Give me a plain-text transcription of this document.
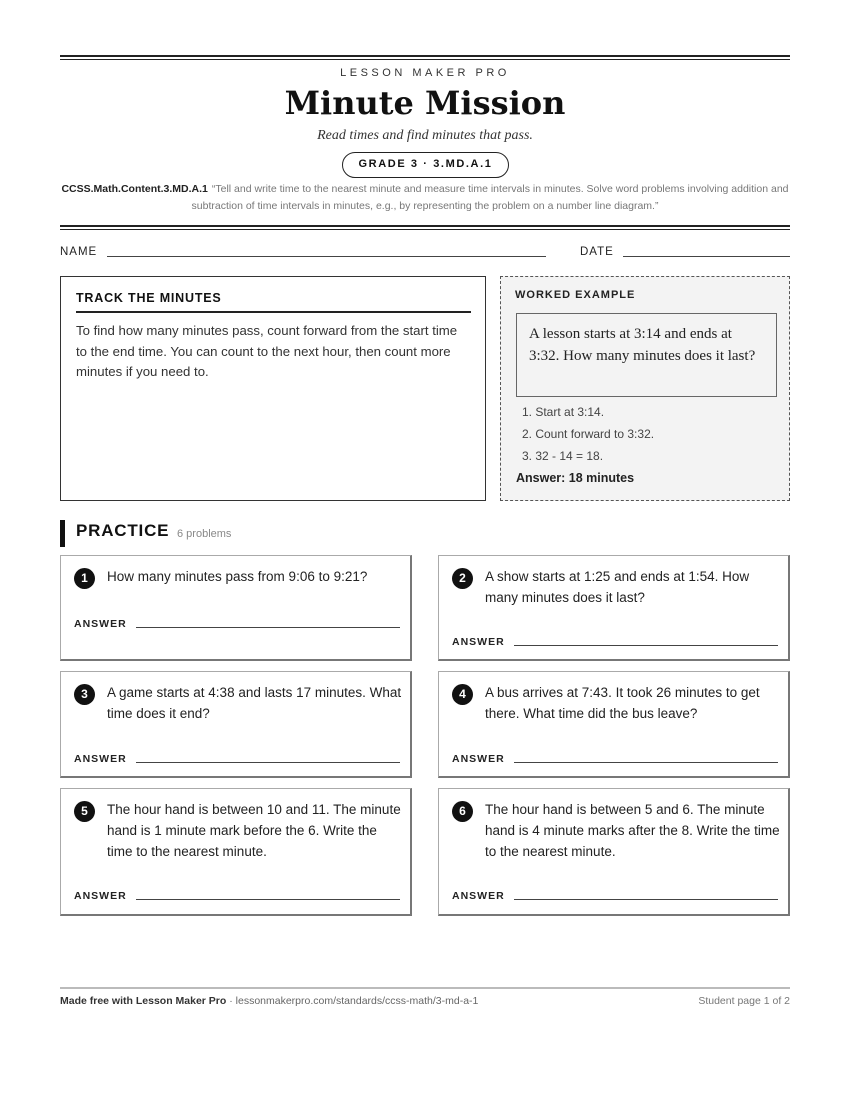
LESSON MAKER PRO
Minute Mission
Read times and find minutes that pass.
GRADE 3 · 3.MD.A.1
CCSS.Math.Content.3.MD.A.1 “Tell and write time to the nearest minute and measure time intervals in minutes. Solve word problems involving addition and subtraction of time intervals in minutes, e.g., by representing the problem on a number line diagram.”
NAME	DATE
TRACK THE MINUTES
To find how many minutes pass, count forward from the start time to the end time. You can count to the next hour, then count more minutes if you need to.
WORKED EXAMPLE
A lesson starts at 3:14 and ends at 3:32. How many minutes does it last?
1. Start at 3:14.
2. Count forward to 3:32.
3. 32 - 14 = 18.
Answer: 18 minutes
PRACTICE 6 problems
1	How many minutes pass from 9:06 to 9:21?
ANSWER
2	A show starts at 1:25 and ends at 1:54. How many minutes does it last?
ANSWER
3	A game starts at 4:38 and lasts 17 minutes. What time does it end?
ANSWER
4	A bus arrives at 7:43. It took 26 minutes to get there. What time did the bus leave?
ANSWER
5	The hour hand is between 10 and 11. The minute hand is 1 minute mark before the 6. Write the time to the nearest minute.
ANSWER
6	The hour hand is between 5 and 6. The minute hand is 4 minute marks after the 8. Write the time to the nearest minute.
ANSWER
Made free with Lesson Maker Pro · lessonmakerpro.com/standards/ccss-math/3-md-a-1	Student page 1 of 2
